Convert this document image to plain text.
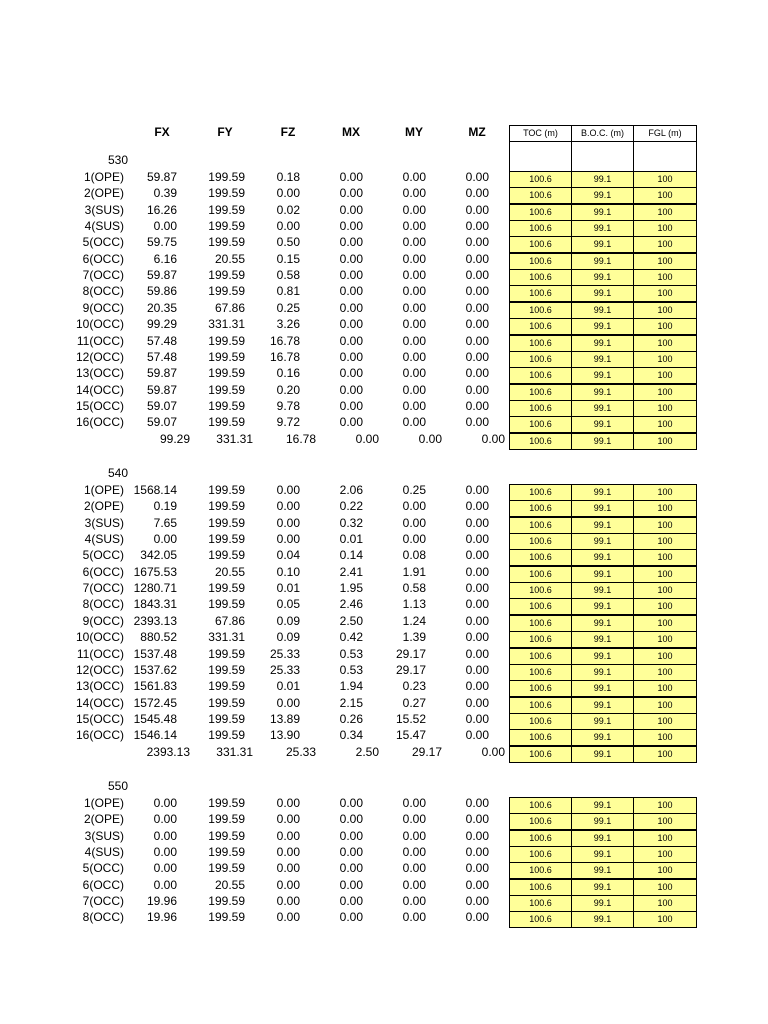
FX	FY	FZ	MX	MY	MZ	TOC (m)	B.O.C. (m)	FGL (m)
530
1(OPE)	59.87	199.59	0.18	0.00	0.00	0.00	100.6	99.1	100
2(OPE)	0.39	199.59	0.00	0.00	0.00	0.00	100.6	99.1	100
3(SUS)	16.26	199.59	0.02	0.00	0.00	0.00	100.6	99.1	100
4(SUS)	0.00	199.59	0.00	0.00	0.00	0.00	100.6	99.1	100
5(OCC)	59.75	199.59	0.50	0.00	0.00	0.00	100.6	99.1	100
6(OCC)	6.16	20.55	0.15	0.00	0.00	0.00	100.6	99.1	100
7(OCC)	59.87	199.59	0.58	0.00	0.00	0.00	100.6	99.1	100
8(OCC)	59.86	199.59	0.81	0.00	0.00	0.00	100.6	99.1	100
9(OCC)	20.35	67.86	0.25	0.00	0.00	0.00	100.6	99.1	100
10(OCC)	99.29	331.31	3.26	0.00	0.00	0.00	100.6	99.1	100
11(OCC)	57.48	199.59	16.78	0.00	0.00	0.00	100.6	99.1	100
12(OCC)	57.48	199.59	16.78	0.00	0.00	0.00	100.6	99.1	100
13(OCC)	59.87	199.59	0.16	0.00	0.00	0.00	100.6	99.1	100
14(OCC)	59.87	199.59	0.20	0.00	0.00	0.00	100.6	99.1	100
15(OCC)	59.07	199.59	9.78	0.00	0.00	0.00	100.6	99.1	100
16(OCC)	59.07	199.59	9.72	0.00	0.00	0.00	100.6	99.1	100
99.29	331.31	16.78	0.00	0.00	0.00	100.6	99.1	100
540
1(OPE) 1568.14	199.59	0.00	2.06	0.25	0.00	100.6	99.1	100
2(OPE)	0.19	199.59	0.00	0.22	0.00	0.00	100.6	99.1	100
3(SUS)	7.65	199.59	0.00	0.32	0.00	0.00	100.6	99.1	100
4(SUS)	0.00	199.59	0.00	0.01	0.00	0.00	100.6	99.1	100
5(OCC)	342.05	199.59	0.04	0.14	0.08	0.00	100.6	99.1	100
6(OCC) 1675.53	20.55	0.10	2.41	1.91	0.00	100.6	99.1	100
7(OCC) 1280.71	199.59	0.01	1.95	0.58	0.00	100.6	99.1	100
8(OCC) 1843.31	199.59	0.05	2.46	1.13	0.00	100.6	99.1	100
9(OCC) 2393.13	67.86	0.09	2.50	1.24	0.00	100.6	99.1	100
10(OCC)	880.52	331.31	0.09	0.42	1.39	0.00	100.6	99.1	100
11(OCC) 1537.48	199.59	25.33	0.53	29.17	0.00	100.6	99.1	100
12(OCC) 1537.62	199.59	25.33	0.53	29.17	0.00	100.6	99.1	100
13(OCC) 1561.83	199.59	0.01	1.94	0.23	0.00	100.6	99.1	100
14(OCC) 1572.45	199.59	0.00	2.15	0.27	0.00	100.6	99.1	100
15(OCC) 1545.48	199.59	13.89	0.26	15.52	0.00	100.6	99.1	100
16(OCC) 1546.14	199.59	13.90	0.34	15.47	0.00	100.6	99.1	100
2393.13	331.31	25.33	2.50	29.17	0.00	100.6	99.1	100
550
1(OPE)	0.00	199.59	0.00	0.00	0.00	0.00	100.6	99.1	100
2(OPE)	0.00	199.59	0.00	0.00	0.00	0.00	100.6	99.1	100
3(SUS)	0.00	199.59	0.00	0.00	0.00	0.00	100.6	99.1	100
4(SUS)	0.00	199.59	0.00	0.00	0.00	0.00	100.6	99.1	100
5(OCC)	0.00	199.59	0.00	0.00	0.00	0.00	100.6	99.1	100
6(OCC)	0.00	20.55	0.00	0.00	0.00	0.00	100.6	99.1	100
7(OCC)	19.96	199.59	0.00	0.00	0.00	0.00	100.6	99.1	100
8(OCC)	19.96	199.59	0.00	0.00	0.00	0.00	100.6	99.1	100
